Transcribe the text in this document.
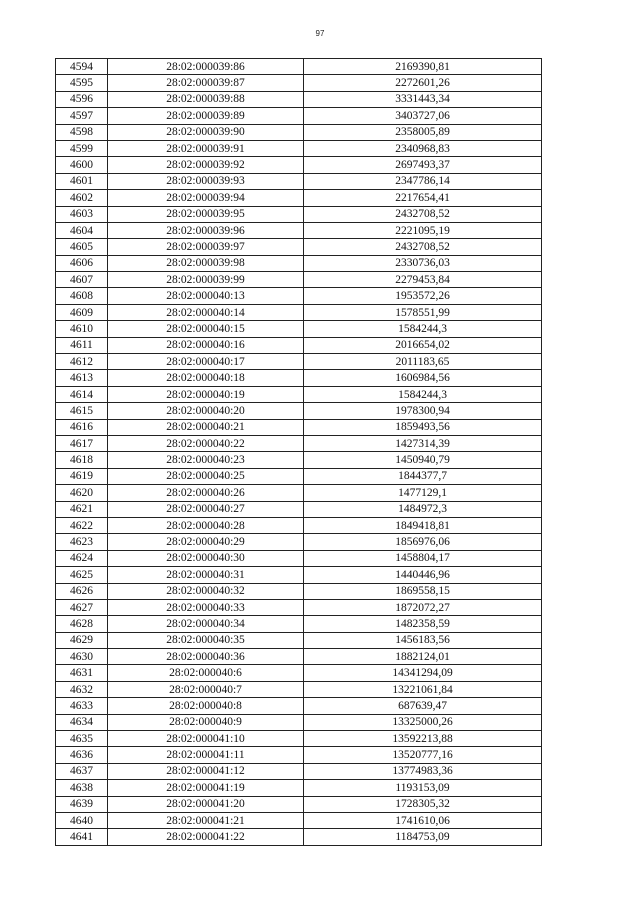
97
4594	28:02:000039:86	2169390,81
4595	28:02:000039:87	2272601,26
4596	28:02:000039:88	3331443,34
4597	28:02:000039:89	3403727,06
4598	28:02:000039:90	2358005,89
4599	28:02:000039:91	2340968,83
4600	28:02:000039:92	2697493,37
4601	28:02:000039:93	2347786,14
4602	28:02:000039:94	2217654,41
4603	28:02:000039:95	2432708,52
4604	28:02:000039:96	2221095,19
4605	28:02:000039:97	2432708,52
4606	28:02:000039:98	2330736,03
4607	28:02:000039:99	2279453,84
4608	28:02:000040:13	1953572,26
4609	28:02:000040:14	1578551,99
4610	28:02:000040:15	1584244,3
4611	28:02:000040:16	2016654,02
4612	28:02:000040:17	2011183,65
4613	28:02:000040:18	1606984,56
4614	28:02:000040:19	1584244,3
4615	28:02:000040:20	1978300,94
4616	28:02:000040:21	1859493,56
4617	28:02:000040:22	1427314,39
4618	28:02:000040:23	1450940,79
4619	28:02:000040:25	1844377,7
4620	28:02:000040:26	1477129,1
4621	28:02:000040:27	1484972,3
4622	28:02:000040:28	1849418,81
4623	28:02:000040:29	1856976,06
4624	28:02:000040:30	1458804,17
4625	28:02:000040:31	1440446,96
4626	28:02:000040:32	1869558,15
4627	28:02:000040:33	1872072,27
4628	28:02:000040:34	1482358,59
4629	28:02:000040:35	1456183,56
4630	28:02:000040:36	1882124,01
4631	28:02:000040:6	14341294,09
4632	28:02:000040:7	13221061,84
4633	28:02:000040:8	687639,47
4634	28:02:000040:9	13325000,26
4635	28:02:000041:10	13592213,88
4636	28:02:000041:11	13520777,16
4637	28:02:000041:12	13774983,36
4638	28:02:000041:19	1193153,09
4639	28:02:000041:20	1728305,32
4640	28:02:000041:21	1741610,06
4641	28:02:000041:22	1184753,09
